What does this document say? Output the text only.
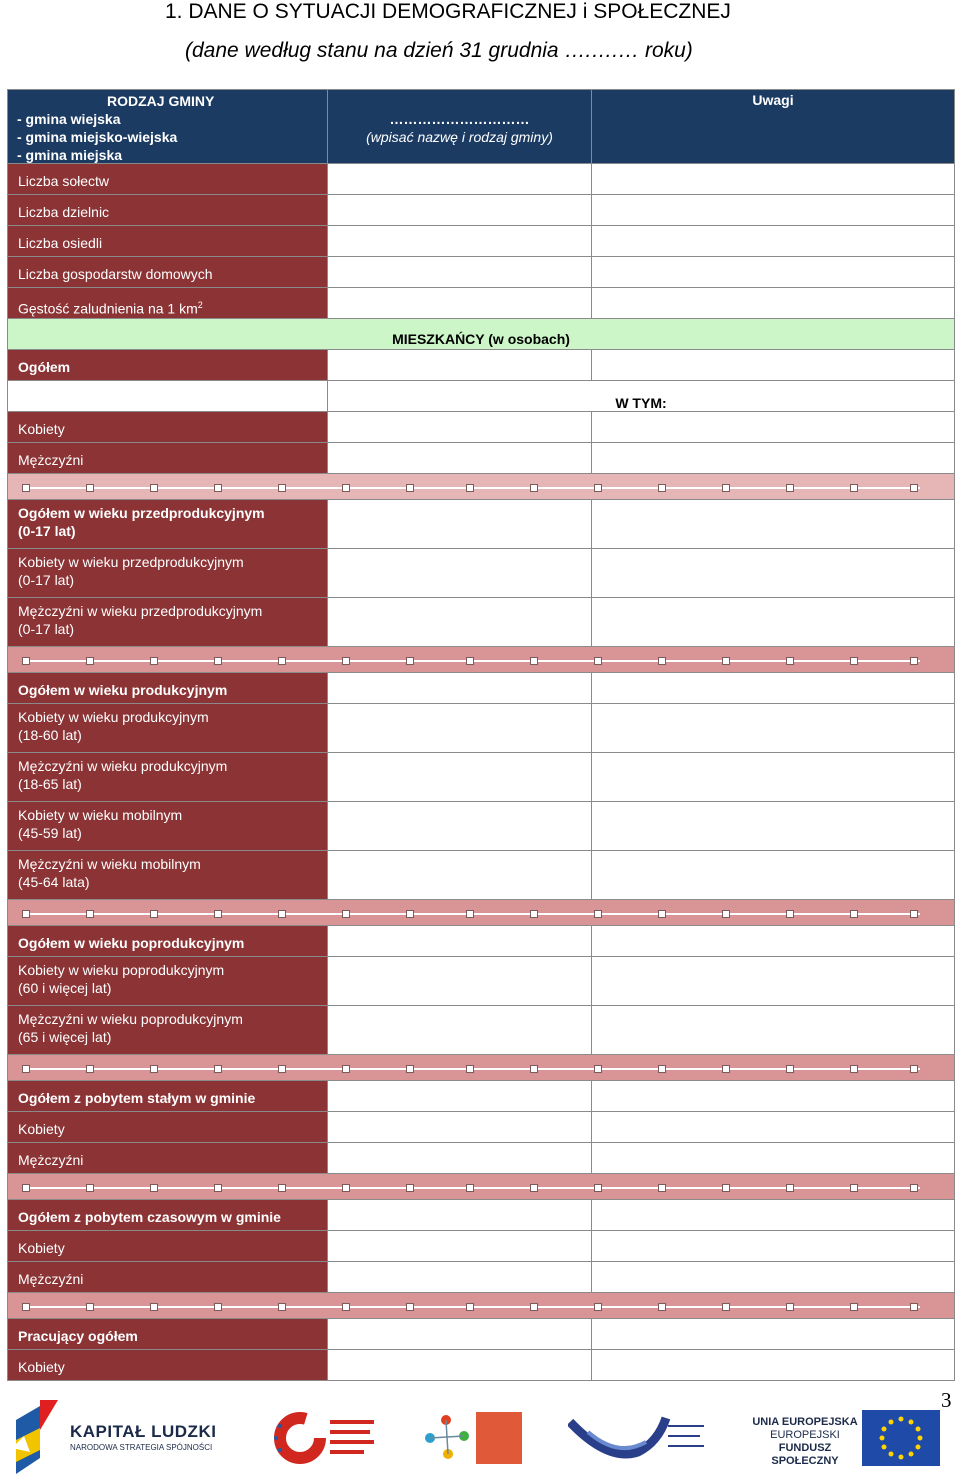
1. DANE O SYTUACJI DEMOGRAFICZNEJ i SPOŁECZNEJ
(dane według stanu na dzień 31 grudnia ….….… roku)
RODZAJ GMINY
- gmina wiejska
- gmina miejsko-wiejska
- gmina miejska
…………………………
(wpisać nazwę i rodzaj gminy)
Uwagi
Liczba sołectw
Liczba dzielnic
Liczba osiedli
Liczba gospodarstw domowych
Gęstość zaludnienia na 1 $km^2$
MIESZKAŃCY (w osobach)
Ogółem
W TYM:
Kobiety
Mężczyźni
Ogółem w wieku przedprodukcyjnym
(0-17 lat)
Kobiety w wieku przedprodukcyjnym
(0-17 lat)
Mężczyźni w wieku przedprodukcyjnym
(0-17 lat)
Ogółem w wieku produkcyjnym
Kobiety w wieku produkcyjnym
(18-60 lat)
Mężczyźni w wieku produkcyjnym
(18-65 lat)
Kobiety w wieku mobilnym
(45-59 lat)
Mężczyźni w wieku mobilnym
(45-64 lata)
Ogółem w wieku poprodukcyjnym
Kobiety w wieku poprodukcyjnym
(60 i więcej lat)
Mężczyźni w wieku poprodukcyjnym
(65 i więcej lat)
Ogółem z pobytem stałym w gminie
Kobiety
Mężczyźni
Ogółem z pobytem czasowym w gminie
Kobiety
Mężczyźni
Pracujący ogółem
Kobiety
3
KAPITAŁ LUDZKI
NARODOWA STRATEGIA SPÓJNOŚCI
UNIA EUROPEJSKA
EUROPEJSKI
FUNDUSZ SPOŁECZNY
